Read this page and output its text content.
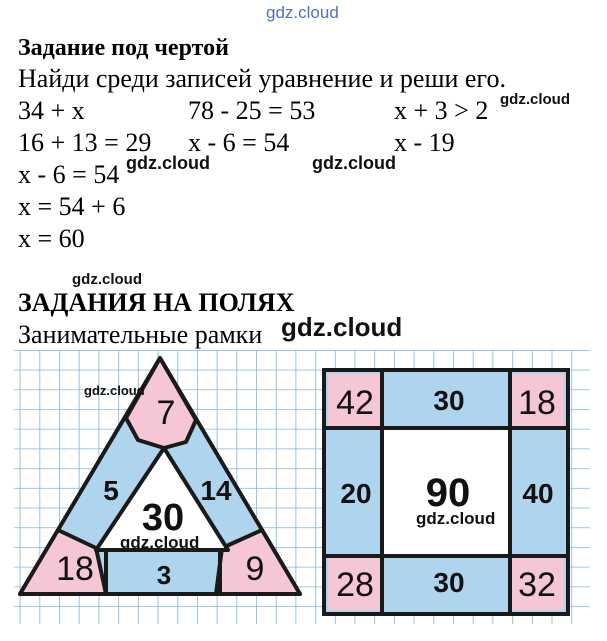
gdz.cloud
Задание под чертой
Найди среди записей уравнение и реши его.
34 + x	78 - 25 = 53	x + 3 > 2 gdz.cloud
16 + 13 = 29 x - 6 = 54	x - 19
x - 6 = 54 gdz.cloud	gdz.cloud
x = 54 + 6
x = 60
gdz.cloud
ЗАДАНИЯ НА ПОЛЯХ
Занимательные рамки gdz.cloud
7
5	14
30
18 3 9
42 30 18
20 90 40
28 30 32
gdz.cloud
gdz.cloud
gdz.cloud
